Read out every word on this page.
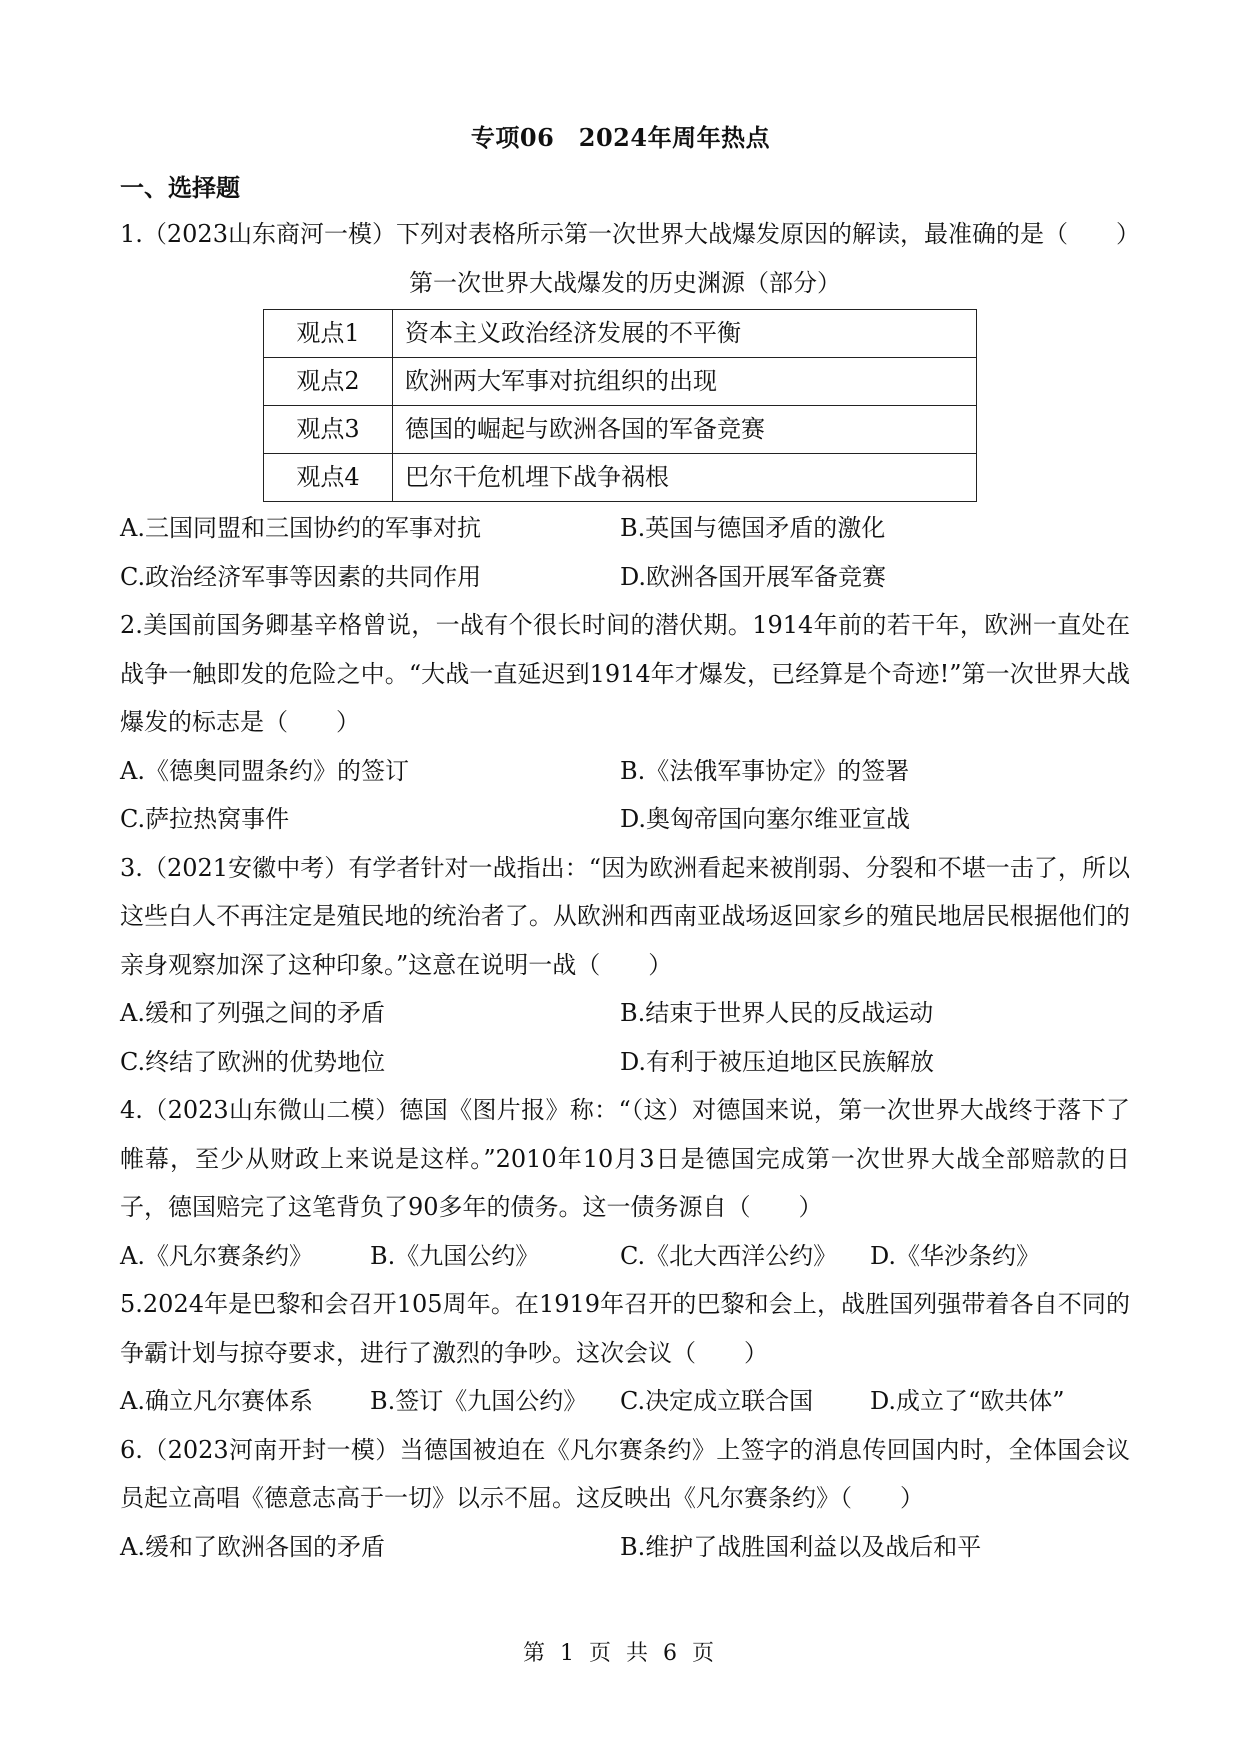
专项06　2024年周年热点
一、选择题

1.（2023山东商河一模）下列对表格所示第一次世界大战爆发原因的解读，最准确的是（　　）

第一次世界大战爆发的历史渊源（部分）

观点1	资本主义政治经济发展的不平衡
观点2	欧洲两大军事对抗组织的出现
观点3	德国的崛起与欧洲各国的军备竞赛
观点4	巴尔干危机埋下战争祸根
A.三国同盟和三国协约的军事对抗	B.英国与德国矛盾的激化
C.政治经济军事等因素的共同作用	D.欧洲各国开展军备竞赛

2.美国前国务卿基辛格曾说，一战有个很长时间的潜伏期。1914年前的若干年，欧洲一直处在战争一触即发的危险之中。“大战一直延迟到1914年才爆发，已经算是个奇迹!”第一次世界大战爆发的标志是（　　）

A.《德奥同盟条约》的签订	B.《法俄军事协定》的签署
C.萨拉热窝事件	D.奥匈帝国向塞尔维亚宣战

3.（2021安徽中考）有学者针对一战指出：“因为欧洲看起来被削弱、分裂和不堪一击了，所以这些白人不再注定是殖民地的统治者了。从欧洲和西南亚战场返回家乡的殖民地居民根据他们的亲身观察加深了这种印象。”这意在说明一战（　　）

A.缓和了列强之间的矛盾	B.结束于世界人民的反战运动
C.终结了欧洲的优势地位	D.有利于被压迫地区民族解放

4.（2023山东微山二模）德国《图片报》称：“（这）对德国来说，第一次世界大战终于落下了帷幕，至少从财政上来说是这样。”2010年10月3日是德国完成第一次世界大战全部赔款的日子，德国赔完了这笔背负了90多年的债务。这一债务源自（　　）

A.《凡尔赛条约》	B.《九国公约》	C.《北大西洋公约》	D.《华沙条约》

5.2024年是巴黎和会召开105周年。在1919年召开的巴黎和会上，战胜国列强带着各自不同的争霸计划与掠夺要求，进行了激烈的争吵。这次会议（　　）

A.确立凡尔赛体系	B.签订《九国公约》	C.决定成立联合国	D.成立了“欧共体”

6.（2023河南开封一模）当德国被迫在《凡尔赛条约》上签字的消息传回国内时，全体国会议员起立高唱《德意志高于一切》以示不屈。这反映出《凡尔赛条约》（　　）

A.缓和了欧洲各国的矛盾	B.维护了战胜国利益以及战后和平
第 1 页 共 6 页
